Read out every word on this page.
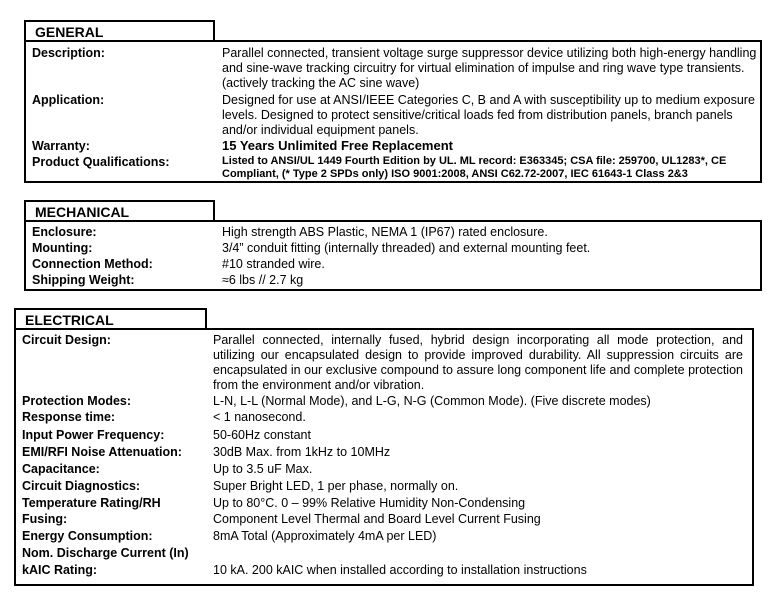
GENERAL
Description:	Parallel connected, transient voltage surge suppressor device utilizing both high-energy handling and sine-wave tracking circuitry for virtual elimination of impulse and ring wave type transients. (actively tracking the AC sine wave)
Application:	Designed for use at ANSI/IEEE Categories C, B and A with susceptibility up to medium exposure levels. Designed to protect sensitive/critical loads fed from distribution panels, branch panels and/or individual equipment panels.
Warranty:	15 Years Unlimited Free Replacement
Product Qualifications:	Listed to ANSI/UL 1449 Fourth Edition by UL. ML record: E363345; CSA file: 259700, UL1283*, CE Compliant, (* Type 2 SPDs only) ISO 9001:2008, ANSI C62.72-2007, IEC 61643-1 Class 2&3
MECHANICAL
Enclosure:	High strength ABS Plastic, NEMA 1 (IP67) rated enclosure.
Mounting:	3/4” conduit fitting (internally threaded) and external mounting feet.
Connection Method:	#10 stranded wire.
Shipping Weight:	≈6 lbs // 2.7 kg
ELECTRICAL
Circuit Design:	Parallel connected, internally fused, hybrid design incorporating all mode protection, and utilizing our encapsulated design to provide improved durability. All suppression circuits are encapsulated in our exclusive compound to assure long component life and complete protection from the environment and/or vibration.
Protection Modes:	L-N, L-L (Normal Mode), and L-G, N-G (Common Mode). (Five discrete modes)
Response time:	< 1 nanosecond.
Input Power Frequency:	50-60Hz constant
EMI/RFI Noise Attenuation: 30dB Max. from 1kHz to 10MHz
Capacitance:	Up to 3.5 uF Max.
Circuit Diagnostics:	Super Bright LED, 1 per phase, normally on.
Temperature Rating/RH	Up to 80°C. 0 – 99% Relative Humidity Non-Condensing
Fusing:	Component Level Thermal and Board Level Current Fusing
Energy Consumption:	8mA Total (Approximately 4mA per LED)
Nom. Discharge Current (In)
kAIC Rating:	10 kA. 200 kAIC when installed according to installation instructions
